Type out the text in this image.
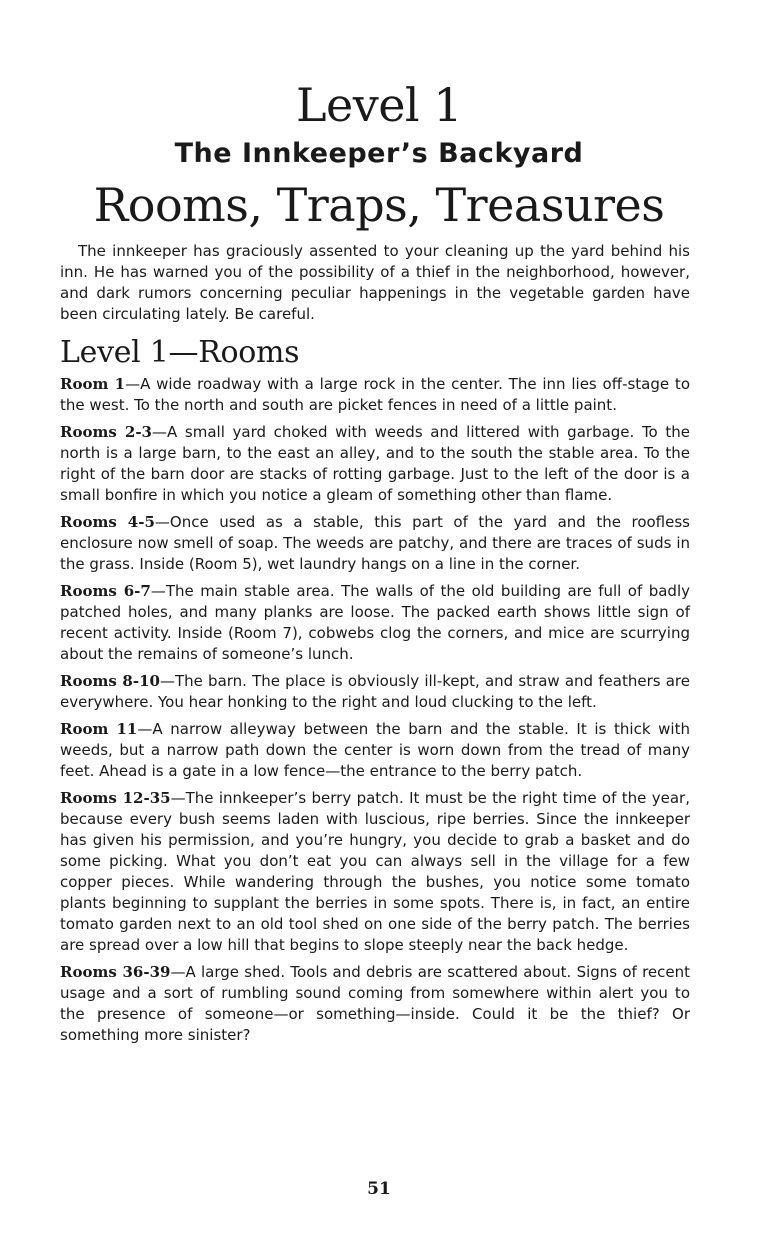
Level 1
The Innkeeper’s Backyard
Rooms, Traps, Treasures

The innkeeper has graciously assented to your cleaning up the yard behind his inn. He has warned you of the possibility of a thief in the neighborhood, however, and dark rumors concerning peculiar happenings in the vegetable garden have been circulating lately. Be careful.

Level 1—Rooms

Room 1—A wide roadway with a large rock in the center. The inn lies off-stage to the west. To the north and south are picket fences in need of a little paint.

Rooms 2-3—A small yard choked with weeds and littered with garbage. To the north is a large barn, to the east an alley, and to the south the stable area. To the right of the barn door are stacks of rotting garbage. Just to the left of the door is a small bonfire in which you notice a gleam of something other than flame.

Rooms 4-5—Once used as a stable, this part of the yard and the roofless enclosure now smell of soap. The weeds are patchy, and there are traces of suds in the grass. Inside (Room 5), wet laundry hangs on a line in the corner.

Rooms 6-7—The main stable area. The walls of the old building are full of badly patched holes, and many planks are loose. The packed earth shows little sign of recent activity. Inside (Room 7), cobwebs clog the corners, and mice are scurrying about the remains of someone’s lunch.

Rooms 8-10—The barn. The place is obviously ill-kept, and straw and feathers are everywhere. You hear honking to the right and loud clucking to the left.

Room 11—A narrow alleyway between the barn and the stable. It is thick with weeds, but a narrow path down the center is worn down from the tread of many feet. Ahead is a gate in a low fence—the entrance to the berry patch.

Rooms 12-35—The innkeeper’s berry patch. It must be the right time of the year, because every bush seems laden with luscious, ripe berries. Since the innkeeper has given his permission, and you’re hungry, you decide to grab a basket and do some picking. What you don’t eat you can always sell in the village for a few copper pieces. While wandering through the bushes, you notice some tomato plants beginning to supplant the berries in some spots. There is, in fact, an entire tomato garden next to an old tool shed on one side of the berry patch. The berries are spread over a low hill that begins to slope steeply near the back hedge.

Rooms 36-39—A large shed. Tools and debris are scattered about. Signs of recent usage and a sort of rumbling sound coming from somewhere within alert you to the presence of someone—or something—inside. Could it be the thief? Or something more sinister?

51
